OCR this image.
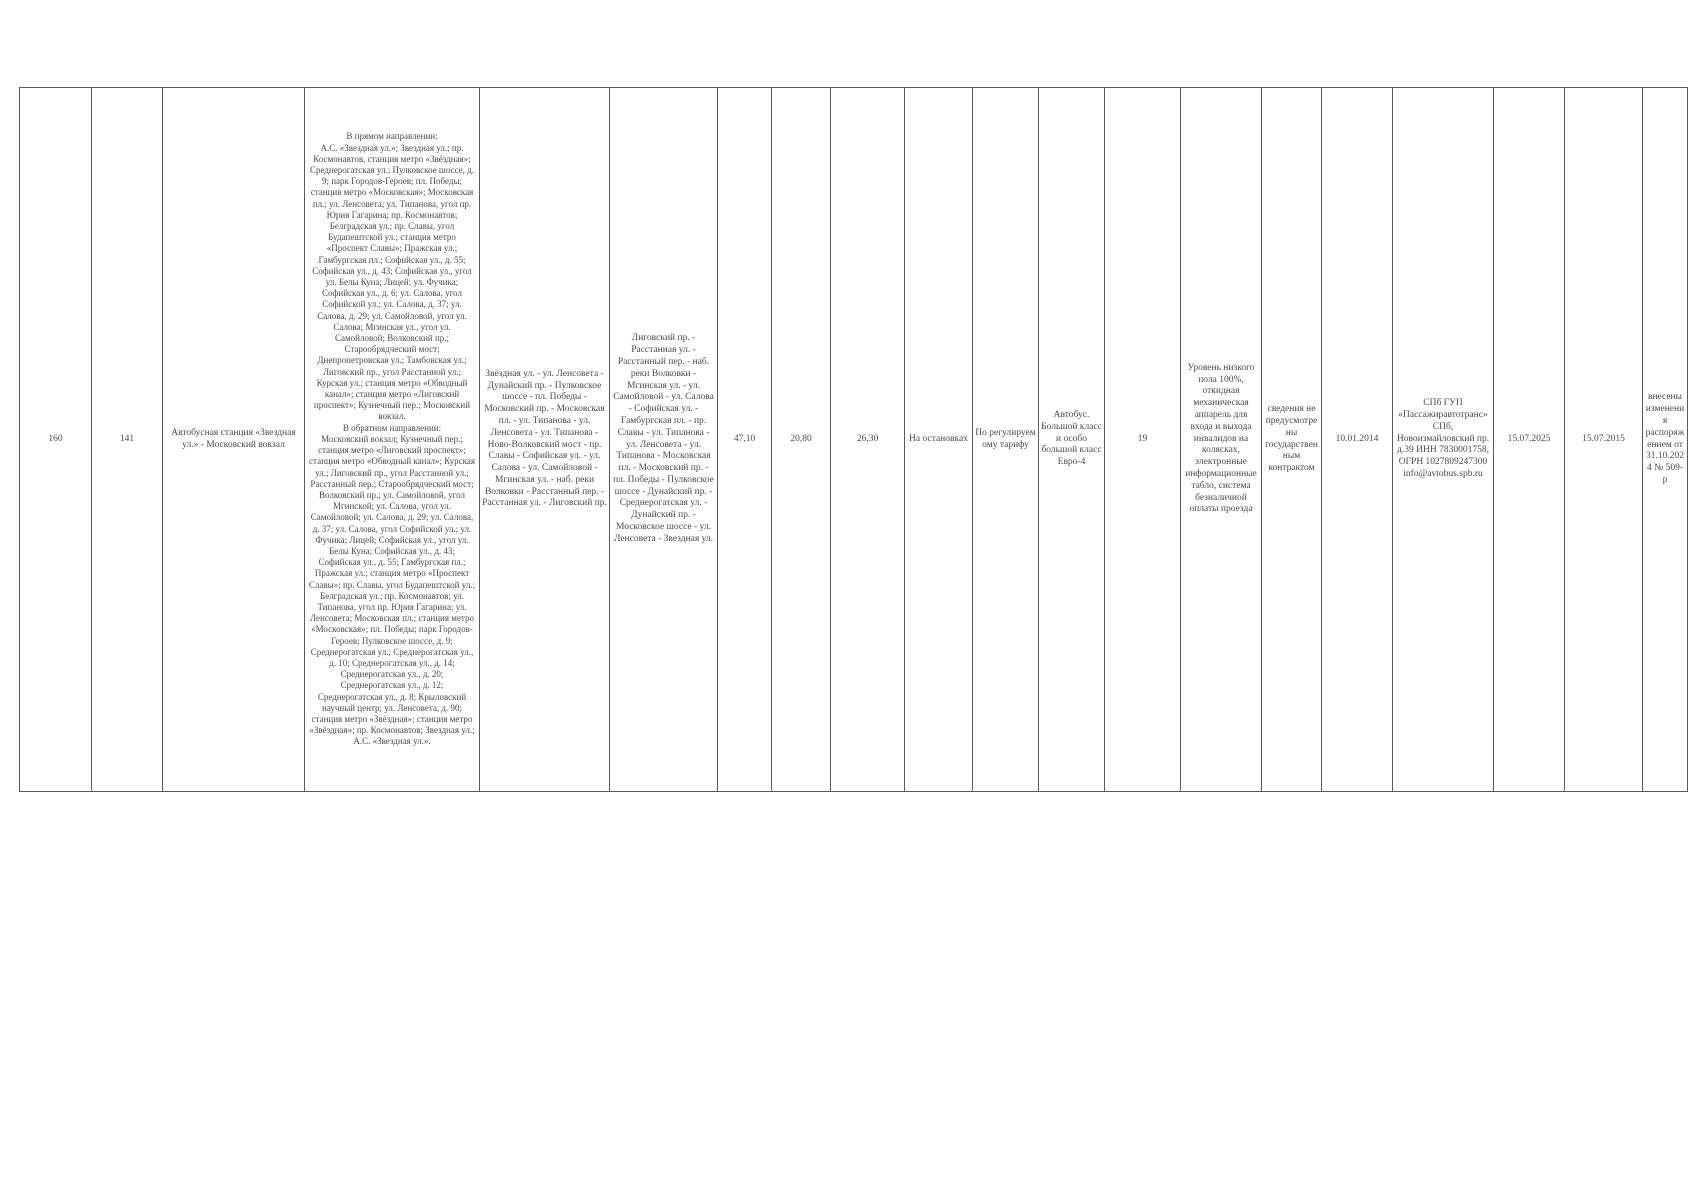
160	141	Автобусная станция «Звездная ул.» - Московский вокзал	В прямом направлении:
А.С. «Звездная ул.»; Звездная ул.; пр. Космонавтов, станция метро «Звёздная»; Среднерогатская ул.; Пулковское шоссе, д. 9; парк Городов-Героев; пл. Победы; станция метро «Московская»; Московская пл.; ул. Ленсовета; ул. Типанова, угол пр. Юрия Гагарина; пр. Космонавтов; Белградская ул.; пр. Славы, угол Будапештской ул.; станция метро «Проспект Славы»; Пражская ул.; Гамбургская пл.; Софийская ул., д. 55; Софийская ул., д. 43; Софийская ул., угол ул. Белы Куна; Лицей; ул. Фучика; Софийская ул., д. 6; ул. Салова, угол Софийской ул.; ул. Салова, д. 37; ул. Салова, д. 29; ул. Самойловой, угол ул. Салова; Мгинская ул., угол ул. Самойловой; Волковский пр.; Старообрядческий мост; Днепропетровская ул.; Тамбовская ул.; Лиговский пр., угол Расстанной ул.; Курская ул.; станция метро «Обводный канал»; станция метро «Лиговский проспект»; Кузнечный пер.; Московский вокзал.
В обратном направлении:
Московский вокзал; Кузнечный пер.; станция метро «Лиговский проспект»; станция метро «Обводный канал»; Курская ул.; Лиговский пр., угол Расстанной ул.; Расстанный пер.; Старообрядческий мост; Волковский пр.; ул. Самойловой, угол Мгинской; ул. Салова, угол ул. Самойловой; ул. Салова, д. 29; ул. Салова, д. 37; ул. Салова, угол Софийской ул.; ул. Фучика; Лицей; Софийская ул., угол ул. Белы Куна; Софийская ул., д. 43; Софийская ул., д. 55; Гамбургская пл.; Пражская ул.; станция метро «Проспект Славы»; пр. Славы, угол Будапештской ул.; Белградская ул.; пр. Космонавтов; ул. Типанова, угол пр. Юрия Гагарина; ул. Ленсовета; Московская пл.; станция метро «Московская»; пл. Победы; парк Городов-Героев; Пулковское шоссе, д. 9; Среднерогатская ул.; Среднерогатская ул., д. 10; Среднерогатская ул., д. 14; Среднерогатская ул., д. 20; Среднерогатская ул., д. 12; Среднерогатская ул., д. 8; Крыловский научный центр; ул. Ленсовета, д. 90; станция метро «Звёздная»; станция метро «Звёздная»; пр. Космонавтов; Звездная ул.; А.С. «Звездная ул.».	Звёздная ул. - ул. Ленсовета - Дунайский пр. - Пулковское шоссе - пл. Победы - Московский пр. - Московская пл. - ул. Типанова - ул. Ленсовета - ул. Типанова - Ново-Волковский мост - пр. Славы - Софийская ул. - ул. Салова - ул. Самойловой - Мгинская ул. - наб. реки Волковки - Расстанный пер. - Расстанная ул. - Лиговский пр.	Лиговский пр. - Расстанная ул. - Расстанный пер. - наб. реки Волковки - Мгинская ул. - ул. Самойловой - ул. Салова - Софийская ул. - Гамбургская пл. - пр. Славы - ул. Типанова - ул. Ленсовета - ул. Типанова - Московская пл. - Московский пр. - пл. Победы - Пулковское шоссе - Дунайский пр. - Среднерогатская ул. - Дунайский пр. - Московское шоссе - ул. Ленсовета - Звездная ул.	47,10	20,80	26,30	На остановках	По регулируем ому тарифу	Автобус. Большой класс и особо большой класс Евро-4	19	Уровень низкого пола 100%, откидная механическая аппарель для входа и выхода инвалидов на колясках, электронные информационные табло, система безналичной оплаты проезда	сведения не предусмотрены государственным контрактом	10.01.2014	СПб ГУП «Пассажиравтотранс» СПб, Новоизмайловский пр. д.39 ИНН 7830001758, ОГРН 1027809247300 info@avtobus.spb.ru	15.07.2025	15.07.2015	внесены изменения распоряжением от 31.10.2024 № 509-р
